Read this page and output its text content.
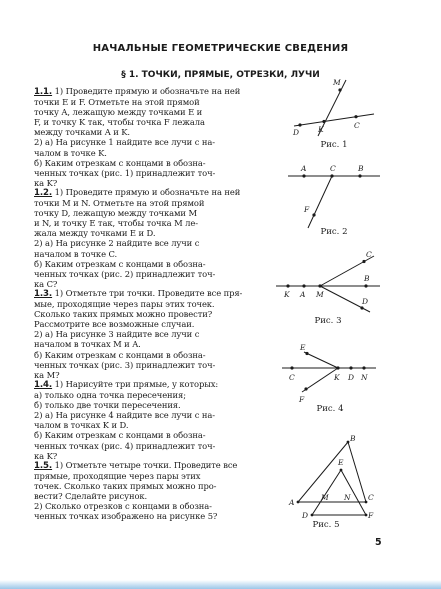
НАЧАЛЬНЫЕ ГЕОМЕТРИЧЕСКИЕ СВЕДЕНИЯ
§ 1. ТОЧКИ, ПРЯМЫЕ, ОТРЕЗКИ, ЛУЧИ

1.1. 1) Проведите прямую и обозначьте на ней

точки E и F. Отметьте на этой прямой

точку A, лежащую между точками E и

F, и точку K так, чтобы точка F лежала

между точками A и K.

2) а) На рисунке 1 найдите все лучи с на-

чалом в точке K.

б) Каким отрезкам с концами в обозна-

ченных точках (рис. 1) принадлежит точ-

ка K?

1.2. 1) Проведите прямую и обозначьте на ней

точки M и N. Отметьте на этой прямой

точку D, лежащую между точками M

и N, и точку E так, чтобы точка M ле-

жала между точками E и D.

2) а) На рисунке 2 найдите все лучи с

началом в точке C.

б) Каким отрезкам с концами в обозна-

ченных точках (рис. 2) принадлежит точ-

ка C?

1.3. 1) Отметьте три точки. Проведите все пря-

мые, проходящие через пары этих точек.

Сколько таких прямых можно провести?

Рассмотрите все возможные случаи.

2) а) На рисунке 3 найдите все лучи с

началом в точках M и A.

б) Каким отрезкам с концами в обозна-

ченных точках (рис. 3) принадлежит точ-

ка M?

1.4. 1) Нарисуйте три прямые, у которых:

а) только одна точка пересечения;

б) только две точки пересечения.

2) а) На рисунке 4 найдите все лучи с на-

чалом в точках K и D.

б) Каким отрезкам с концами в обозна-

ченных точках (рис. 4) принадлежит точ-

ка K?

1.5. 1) Отметьте четыре точки. Проведите все

прямые, проходящие через пары этих

точек. Сколько таких прямых можно про-

вести? Сделайте рисунок.

2) Сколько отрезков с концами в обозна-

ченных точках изображено на рисунке 5?

M
D	K	C
Рис. 1
A	C	B
F
Рис. 2
K A M
C
B
D
Рис. 3
E
C	K D N
F
Рис. 4
B
E
A
M N C
D	F
Рис. 5
5
